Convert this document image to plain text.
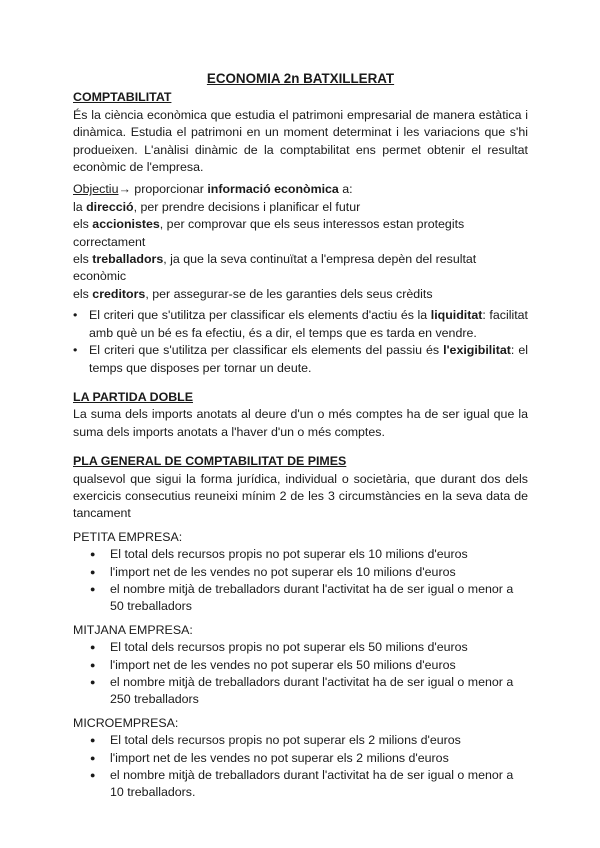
ECONOMIA 2n BATXILLERAT
COMPTABILITAT

És la ciència econòmica que estudia el patrimoni empresarial de manera estàtica i dinàmica. Estudia el patrimoni en un moment determinat i les variacions que s'hi produeixen. L'anàlisi dinàmic de la comptabilitat ens permet obtenir el resultat econòmic de l'empresa.

Objectiu→ proporcionar informació econòmica a:
la direcció, per prendre decisions i planificar el futur
els accionistes, per comprovar que els seus interessos estan protegits correctament
els treballadors, ja que la seva continuïtat a l'empresa depèn del resultat econòmic
els creditors, per assegurar-se de les garanties dels seus crèdits
• El criteri que s'utilitza per classificar els elements d'actiu és la liquiditat: facilitat amb què un bé es fa efectiu, és a dir, el temps que es tarda en vendre.
• El criteri que s'utilitza per classificar els elements del passiu és l'exigibilitat: el temps que disposes per tornar un deute.
LA PARTIDA DOBLE

La suma dels imports anotats al deure d'un o més comptes ha de ser igual que la suma dels imports anotats a l'haver d'un o més comptes.

PLA GENERAL DE COMPTABILITAT DE PIMES

qualsevol que sigui la forma jurídica, individual o societària, que durant dos dels exercicis consecutius reuneixi mínim 2 de les 3 circumstàncies en la seva data de tancament

PETITA EMPRESA:
● El total dels recursos propis no pot superar els 10 milions d'euros
● l'import net de les vendes no pot superar els 10 milions d'euros
● el nombre mitjà de treballadors durant l'activitat ha de ser igual o menor a 50 treballadors
MITJANA EMPRESA:
● El total dels recursos propis no pot superar els 50 milions d'euros
● l'import net de les vendes no pot superar els 50 milions d'euros
● el nombre mitjà de treballadors durant l'activitat ha de ser igual o menor a 250 treballadors
MICROEMPRESA:
● El total dels recursos propis no pot superar els 2 milions d'euros
● l'import net de les vendes no pot superar els 2 milions d'euros
● el nombre mitjà de treballadors durant l'activitat ha de ser igual o menor a 10 treballadors.
